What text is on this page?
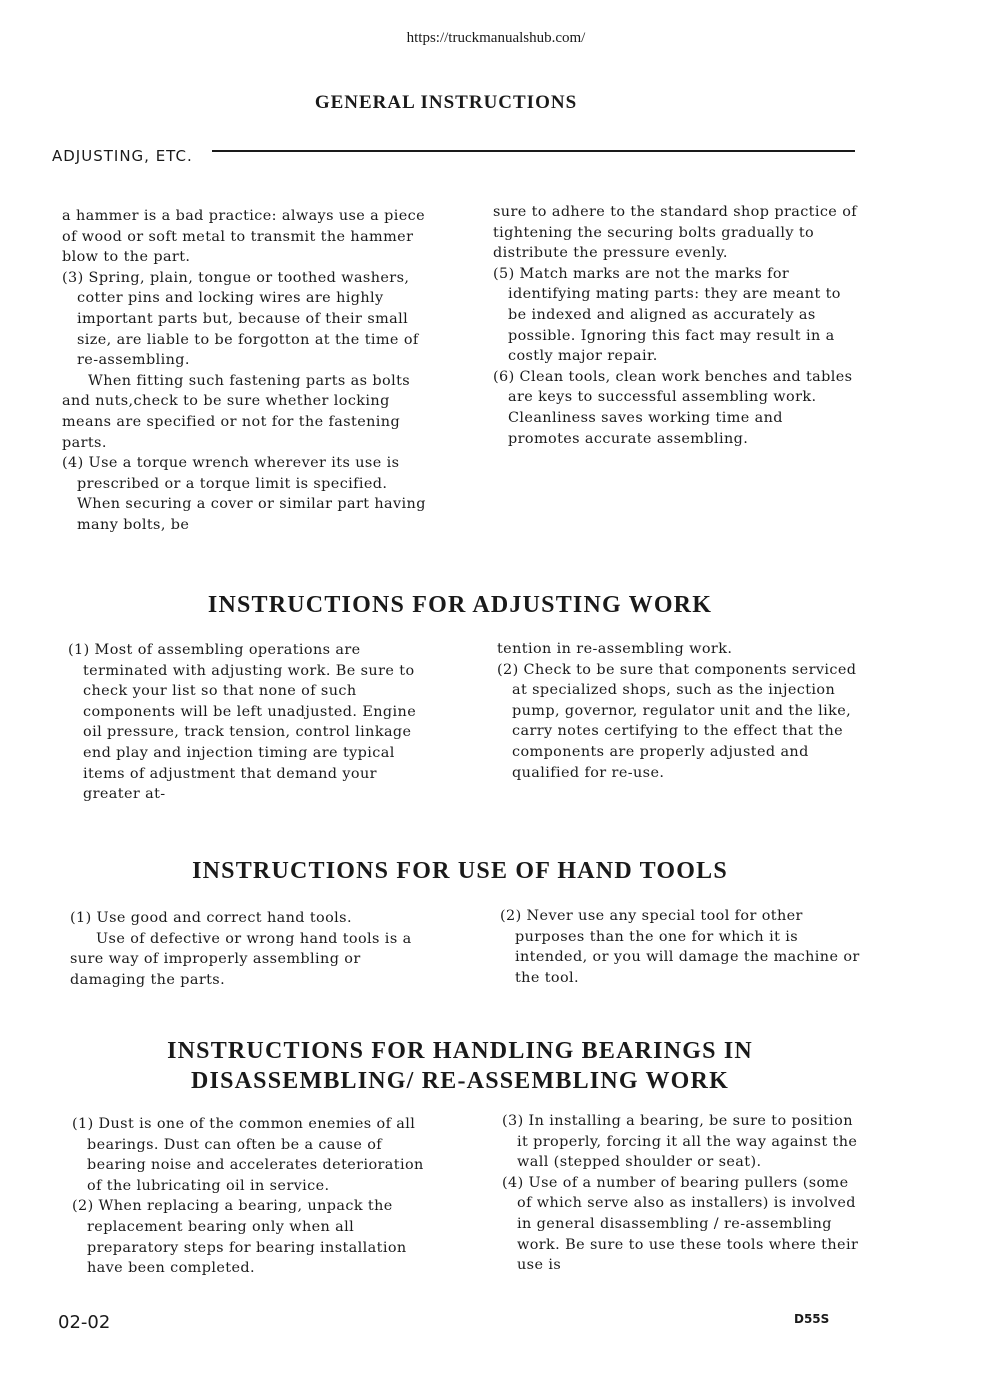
https://truckmanualshub.com/
GENERAL INSTRUCTIONS
ADJUSTING, ETC.

a hammer is a bad practice: always use a piece of wood or soft metal to transmit the hammer blow to the part.

(3) Spring, plain, tongue or toothed washers, cotter pins and locking wires are highly important parts but, because of their small size, are liable to be forgotton at the time of re-assembling.

When fitting such fastening parts as bolts and nuts,check to be sure whether locking means are specified or not for the fastening parts.

(4) Use a torque wrench wherever its use is prescribed or a torque limit is specified. When securing a cover or similar part having many bolts, be

sure to adhere to the standard shop practice of tightening the securing bolts gradually to distribute the pressure evenly.

(5) Match marks are not the marks for identifying mating parts: they are meant to be indexed and aligned as accurately as possible. Ignoring this fact may result in a costly major repair.

(6) Clean tools, clean work benches and tables are keys to successful assembling work. Cleanliness saves working time and promotes accurate assembling.

INSTRUCTIONS FOR ADJUSTING WORK

(1) Most of assembling operations are terminated with adjusting work. Be sure to check your list so that none of such components will be left unadjusted. Engine oil pressure, track tension, control linkage end play and injection timing are typical items of adjustment that demand your greater at-

tention in re-assembling work.

(2) Check to be sure that components serviced at specialized shops, such as the injection pump, governor, regulator unit and the like, carry notes certifying to the effect that the components are properly adjusted and qualified for re-use.

INSTRUCTIONS FOR USE OF HAND TOOLS

(1) Use good and correct hand tools.

Use of defective or wrong hand tools is a sure way of improperly assembling or damaging the parts.

(2) Never use any special tool for other purposes than the one for which it is intended, or you will damage the machine or the tool.

INSTRUCTIONS FOR HANDLING BEARINGS IN
DISASSEMBLING/ RE-ASSEMBLING WORK

(1) Dust is one of the common enemies of all bearings. Dust can often be a cause of bearing noise and accelerates deterioration of the lubricating oil in service.

(2) When replacing a bearing, unpack the replacement bearing only when all preparatory steps for bearing installation have been completed.

(3) In installing a bearing, be sure to position it properly, forcing it all the way against the wall (stepped shoulder or seat).

(4) Use of a number of bearing pullers (some of which serve also as installers) is involved in general disassembling / re-assembling work. Be sure to use these tools where their use is

02-02	D55S
